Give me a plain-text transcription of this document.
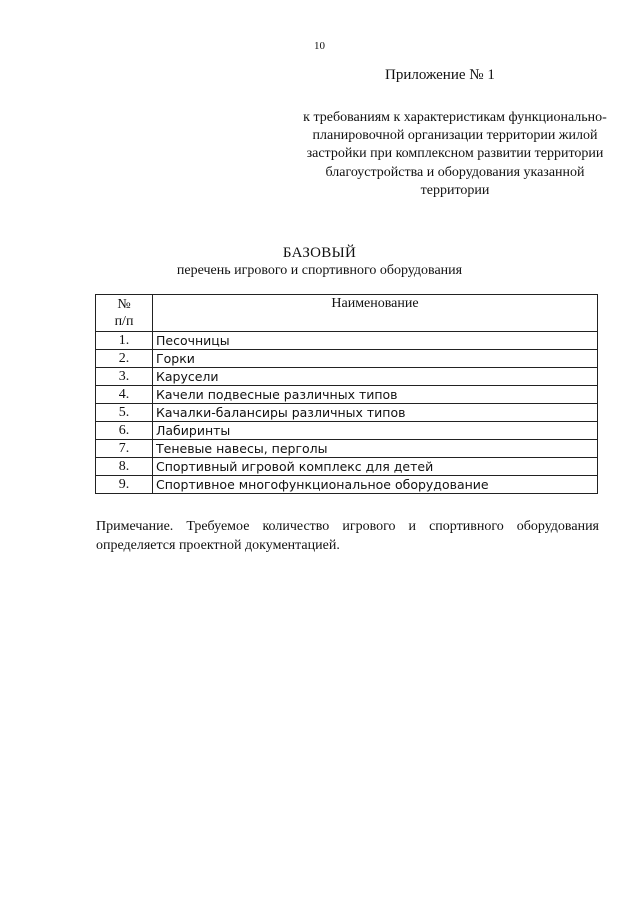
10
Приложение № 1
к требованиям к характеристикам функционально-планировочной организации территории жилой застройки при комплексном развитии территории благоустройства и оборудования указанной территории
БАЗОВЫЙ
перечень игрового и спортивного оборудования
№
п/п	Наименование
1.	Песочницы
2.	Горки
3.	Карусели
4.	Качели подвесные различных типов
5.	Качалки-балансиры различных типов
6.	Лабиринты
7.	Теневые навесы, перголы
8.	Спортивный игровой комплекс для детей
9.	Спортивное многофункциональное оборудование
Примечание. Требуемое количество игрового и спортивного оборудования определяется проектной документацией.
